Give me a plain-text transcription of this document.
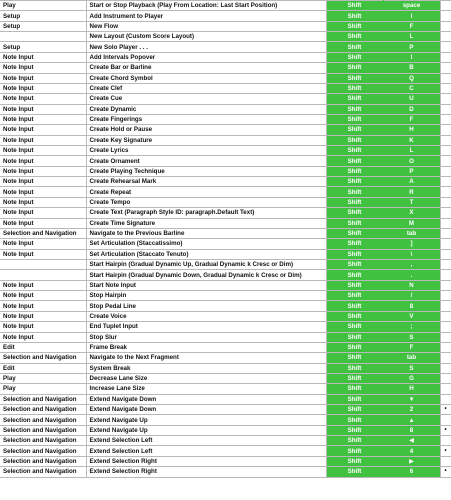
Play	Start or Stop Playback (Play From Location: Last Start Position)	Shift	space	
Setup	Add Instrument to Player	Shift	I	
Setup	New Flow	Shift	F	
	New Layout (Custom Score Layout)	Shift	L	
Setup	New Solo Player . . .	Shift	P	
Note Input	Add Intervals Popover	Shift	I	
Note Input	Create Bar or Barline	Shift	B	
Note Input	Create Chord Symbol	Shift	Q	
Note Input	Create Clef	Shift	C	
Note Input	Create Cue	Shift	U	
Note Input	Create Dynamic	Shift	D	
Note Input	Create Fingerings	Shift	F	
Note Input	Create Hold or Pause	Shift	H	
Note Input	Create Key Signature	Shift	K	
Note Input	Create Lyrics	Shift	L	
Note Input	Create Ornament	Shift	O	
Note Input	Create Playing Technique	Shift	P	
Note Input	Create Rehearsal Mark	Shift	A	
Note Input	Create Repeat	Shift	R	
Note Input	Create Tempo	Shift	T	
Note Input	Create Text (Paragraph Style ID: paragraph.Default Text)	Shift	X	
Note Input	Create Time Signature	Shift	M	
Selection and Navigation	Navigate to the Previous Barline	Shift	tab	
Note Input	Set Articulation (Staccatissimo)	Shift	]	
Note Input	Set Articulation (Staccato Tenuto)	Shift	\	
	Start Hairpin (Gradual Dynamic Up, Gradual Dynamic k Cresc or Dim)	Shift	,	
	Start Hairpin (Gradual Dynamic Down, Gradual Dynamic k Cresc or Dim)	Shift	.	
Note Input	Start Note Input	Shift	N	
Note Input	Stop Hairpin	Shift	/	
Note Input	Stop Pedal Line	Shift	8	
Note Input	Create Voice	Shift	V	
Note Input	End Tuplet Input	Shift	;	
Note Input	Stop Slur	Shift	S	
Edit	Frame Break	Shift	F	
Selection and Navigation	Navigate to the Next Fragment	Shift	tab	
Edit	System Break	Shift	S	
Play	Decrease Lane Size	Shift	G	
Play	Increase Lane Size	Shift	H	
Selection and Navigation	Extend Navigate Down	Shift	▼	
Selection and Navigation	Extend Navigate Down	Shift	2	•
Selection and Navigation	Extend Navigate Up	Shift	▲	
Selection and Navigation	Extend Navigate Up	Shift	8	•
Selection and Navigation	Extend Selection Left	Shift	◀	
Selection and Navigation	Extend Selection Left	Shift	4	•
Selection and Navigation	Extend Selection Right	Shift	▶	
Selection and Navigation	Extend Selection Right	Shift	6	•
